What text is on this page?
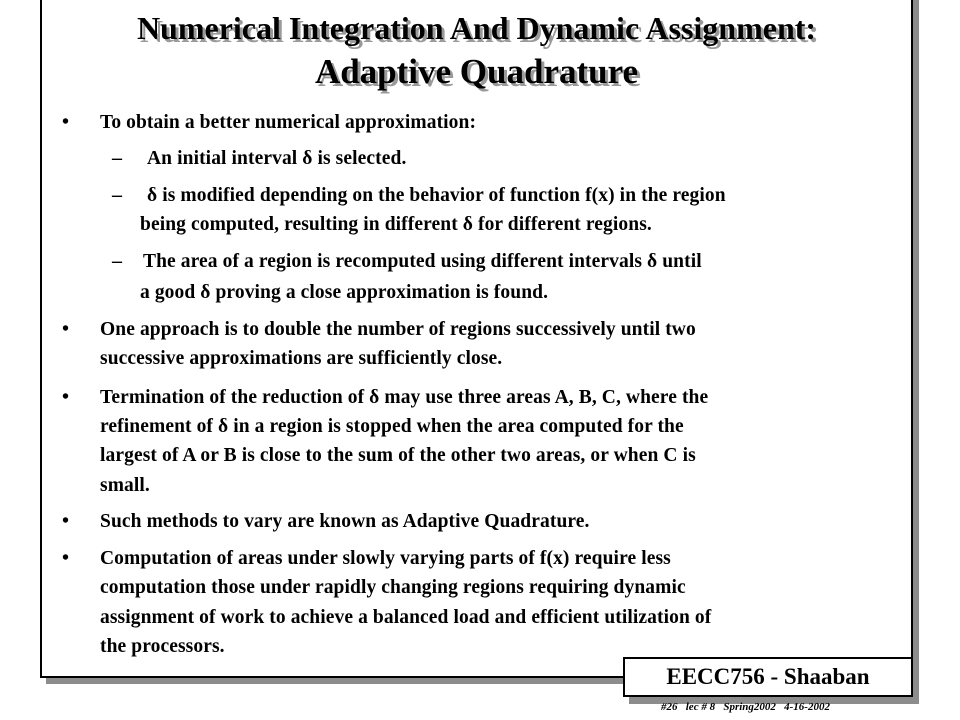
Numerical Integration And Dynamic Assignment:
Adaptive Quadrature
• To obtain a better numerical approximation:
– An initial interval δ is selected.
– δ is modified depending on the behavior of function f(x) in the region
being computed, resulting in different δ for different regions.
– The area of a region is recomputed using different intervals δ until
a good δ proving a close approximation is found.
• One approach is to double the number of regions successively until two
successive approximations are sufficiently close.
• Termination of the reduction of δ may use three areas A, B, C, where the
refinement of δ in a region is stopped when the area computed for the
largest of A or B is close to the sum of the other two areas, or when C is
small.
• Such methods to vary are known as Adaptive Quadrature.
• Computation of areas under slowly varying parts of f(x) require less
computation those under rapidly changing regions requiring dynamic
assignment of work to achieve a balanced load and efficient utilization of
the processors.
EECC756 - Shaaban
#26   lec # 8   Spring2002   4-16-2002
